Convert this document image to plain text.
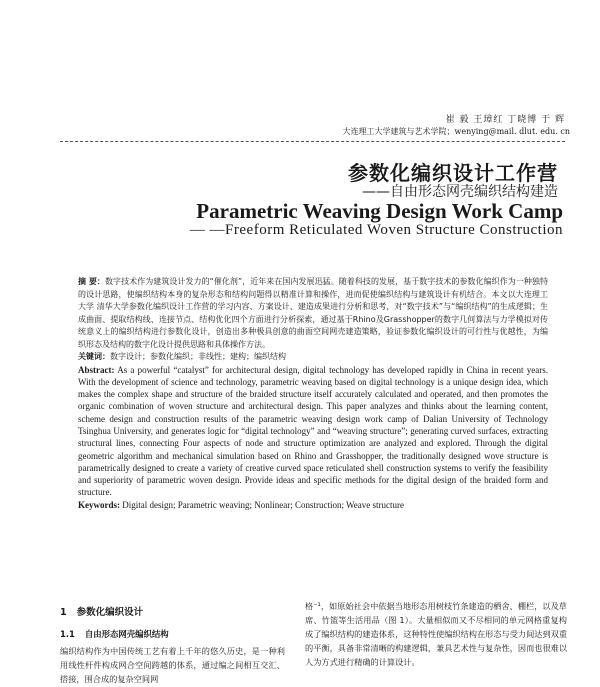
崔 毅 王璋红 丁晓博 于 辉
大连理工大学建筑与艺术学院；wenying@mail. dlut. edu. cn
参数化编织设计工作营
——自由形态网壳编织结构建造
Parametric Weaving Design Work Camp
— —Freeform Reticulated Woven Structure Construction

摘 要：数字技术作为建筑设计发力的“催化剂”，近年来在国内发展迅猛。随着科技的发展，基于数字技术的参数化编织作为一种独特的设计思路，使编织结构本身的复杂形态和结构问题得以精准计算和操作，进而促使编织结构与建筑设计有机结合。本文以大连理工大学 清华大学参数化编织设计工作营的学习内容、方案设计、建造成果进行分析和思考，对“数字技术”与“编织结构”的生成逻辑；生成曲面、提取结构线、连接节点、结构优化四个方面进行分析探索，通过基于Rhino及Grasshopper的数字几何算法与力学模拟对传统意义上的编织结构进行参数化设计，创造出多种极具创意的曲面空间网壳建造策略，验证参数化编织设计的可行性与优越性，为编织形态及结构的数字化设计提供思路和具体操作方法。

关键词：数字设计；参数化编织；非线性；建构；编织结构

Abstract: As a powerful “catalyst” for architectural design, digital technology has developed rapidly in China in recent years. With the development of science and technology, parametric weaving based on digital technology is a unique design idea, which makes the complex shape and structure of the braided structure itself accurately calculated and operated, and then promotes the organic combination of woven structure and architectural design. This paper analyzes and thinks about the learning content, scheme design and construction results of the parametric weaving design work camp of Dalian University of Technology Tsinghua University, and generates logic for “digital technology” and “weaving structure”; generating curved surfaces, extracting structural lines, connecting Four aspects of node and structure optimization are analyzed and explored. Through the digital geometric algorithm and mechanical simulation based on Rhino and Grasshopper, the traditionally designed wove structure is parametrically designed to create a variety of creative curved space reticulated shell construction systems to verify the feasibility and superiority of parametric woven design. Provide ideas and specific methods for the digital design of the braided form and structure.

Keywords: Digital design; Parametric weaving; Nonlinear; Construction; Weave structure

1 参数化编织设计
1.1 自由形态网壳编织结构
编织结构作为中国传统工艺有着上千年的悠久历史，是一种利用线性杆件构成网合空间跨越的体系，通过编之间相互交汇、搭接，围合成的复杂空间网
格⁻¹，如原始社会中依据当地形态用树枝竹条建造的栖舍、棚栏，以及草席、竹篮等生活用品（图 1）。大量相似而又不尽相同的单元网格重复构成了编织结构的建造体系，这种特性使编织结构在形态与受力间达到双重的平衡，具备非常清晰的构建逻辑，兼具艺术性与复杂性，因而也很难以人为方式进行精确的计算设计。
